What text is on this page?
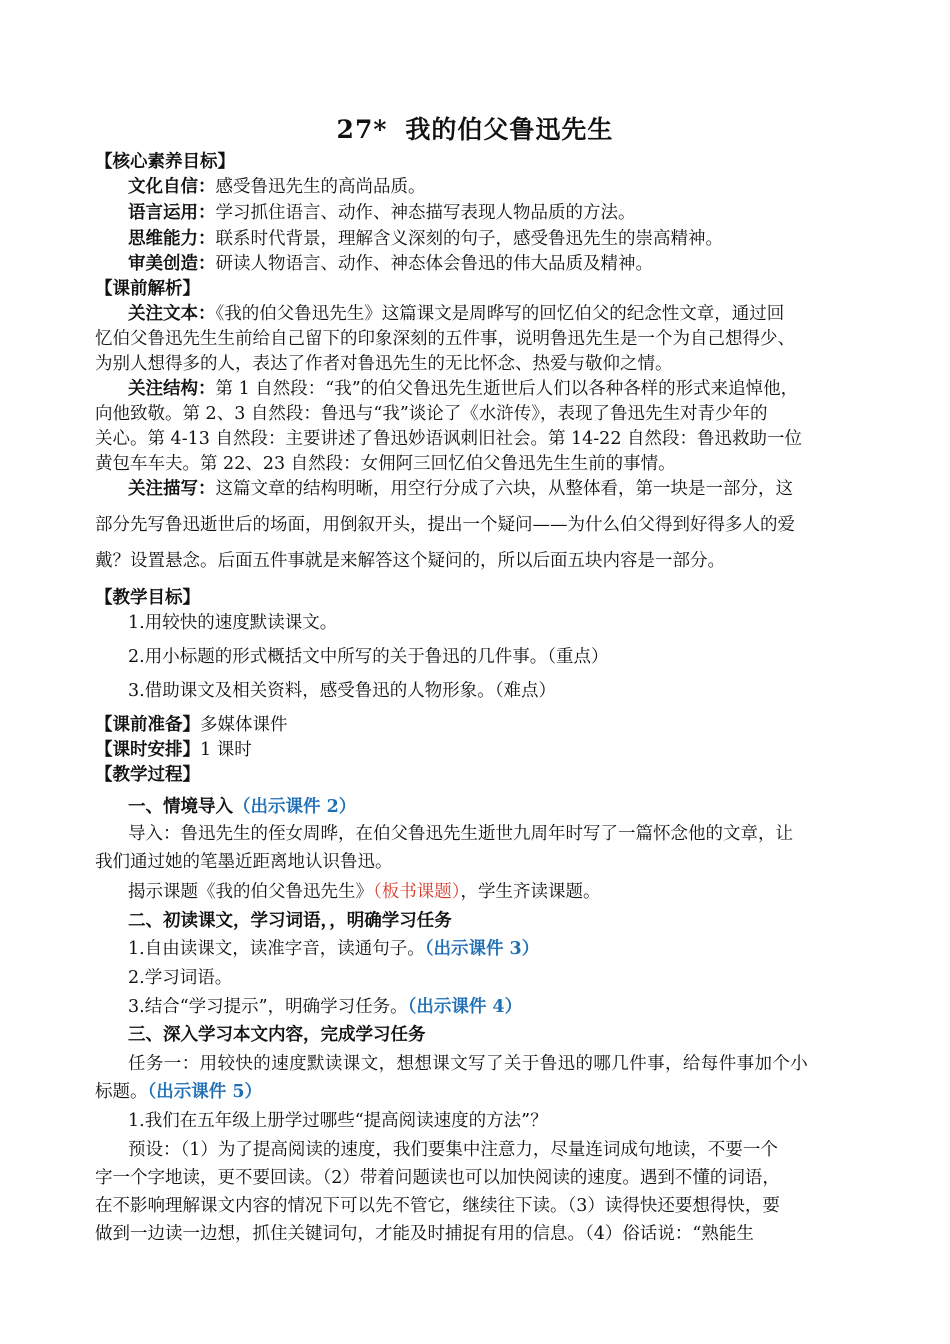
27* 我的伯父鲁迅先生
【核心素养目标】
文化自信：感受鲁迅先生的高尚品质。
语言运用：学习抓住语言、动作、神态描写表现人物品质的方法。
思维能力：联系时代背景，理解含义深刻的句子，感受鲁迅先生的崇高精神。
审美创造：研读人物语言、动作、神态体会鲁迅的伟大品质及精神。
【课前解析】
关注文本：《我的伯父鲁迅先生》这篇课文是周晔写的回忆伯父的纪念性文章，通过回
忆伯父鲁迅先生生前给自己留下的印象深刻的五件事，说明鲁迅先生是一个为自己想得少、
为别人想得多的人，表达了作者对鲁迅先生的无比怀念、热爱与敬仰之情。
关注结构：第 1 自然段：“我”的伯父鲁迅先生逝世后人们以各种各样的形式来追悼他，
向他致敬。第 2、3 自然段：鲁迅与“我”谈论了《水浒传》，表现了鲁迅先生对青少年的
关心。第 4-13 自然段：主要讲述了鲁迅妙语讽刺旧社会。第 14-22 自然段：鲁迅救助一位
黄包车车夫。第 22、23 自然段：女佣阿三回忆伯父鲁迅先生生前的事情。
关注描写：这篇文章的结构明晰，用空行分成了六块，从整体看，第一块是一部分，这
部分先写鲁迅逝世后的场面，用倒叙开头，提出一个疑问——为什么伯父得到好得多人的爱
戴？设置悬念。后面五件事就是来解答这个疑问的，所以后面五块内容是一部分。
【教学目标】
1.用较快的速度默读课文。
2.用小标题的形式概括文中所写的关于鲁迅的几件事。（重点）
3.借助课文及相关资料，感受鲁迅的人物形象。（难点）
【课前准备】多媒体课件
【课时安排】1 课时
【教学过程】
一、情境导入（出示课件 2）
导入：鲁迅先生的侄女周晔，在伯父鲁迅先生逝世九周年时写了一篇怀念他的文章，让
我们通过她的笔墨近距离地认识鲁迅。
揭示课题《我的伯父鲁迅先生》（板书课题），学生齐读课题。
二、初读课文，学习词语，，明确学习任务
1.自由读课文，读准字音，读通句子。（出示课件 3）
2.学习词语。
3.结合“学习提示”，明确学习任务。（出示课件 4）
三、深入学习本文内容，完成学习任务
任务一：用较快的速度默读课文，想想课文写了关于鲁迅的哪几件事，给每件事加个小
标题。（出示课件 5）
1.我们在五年级上册学过哪些“提高阅读速度的方法”？
预设：（1）为了提高阅读的速度，我们要集中注意力，尽量连词成句地读，不要一个
字一个字地读，更不要回读。（2）带着问题读也可以加快阅读的速度。遇到不懂的词语，
在不影响理解课文内容的情况下可以先不管它，继续往下读。（3）读得快还要想得快，要
做到一边读一边想，抓住关键词句，才能及时捕捉有用的信息。（4）俗话说：“熟能生
